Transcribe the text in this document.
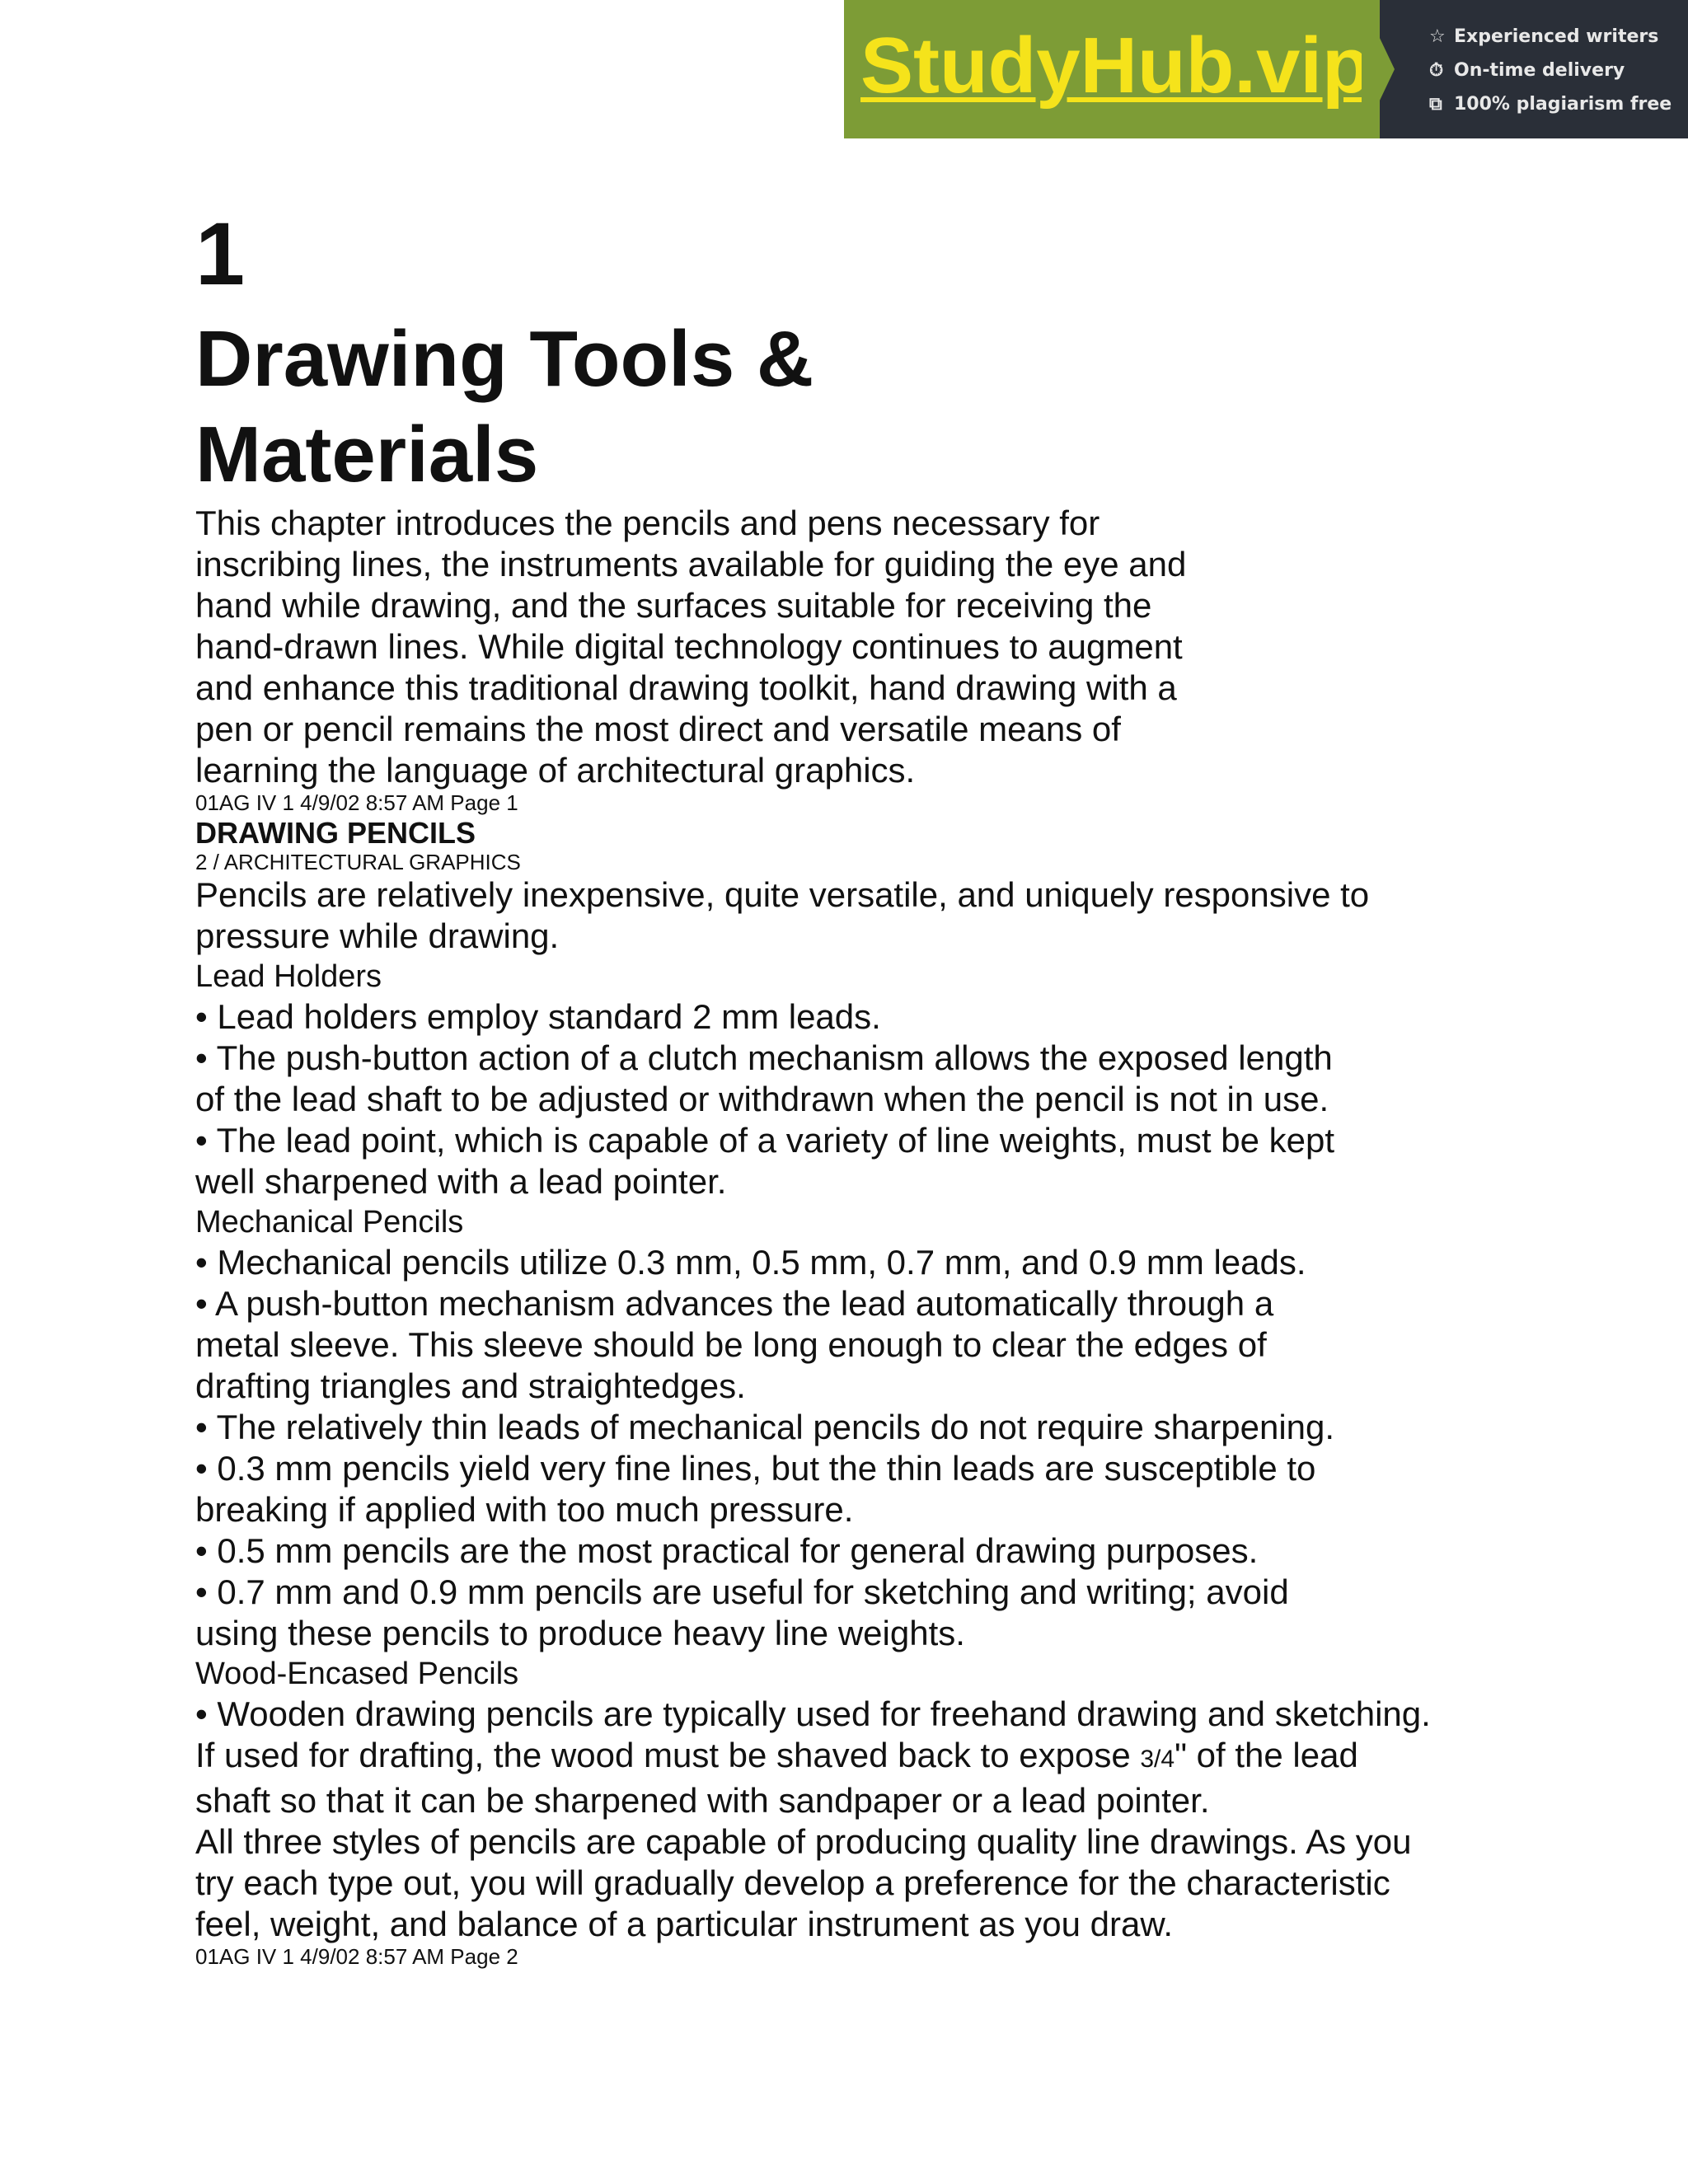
StudyHub.vip	☆ Experienced writers
⏱ On-time delivery
⧉ 100% plagiarism free

1

Drawing Tools &

Materials

This chapter introduces the pencils and pens necessary for

inscribing lines, the instruments available for guiding the eye and

hand while drawing, and the surfaces suitable for receiving the

hand-drawn lines. While digital technology continues to augment

and enhance this traditional drawing toolkit, hand drawing with a

pen or pencil remains the most direct and versatile means of

learning the language of architectural graphics.

01AG IV 1 4/9/02 8:57 AM Page 1

DRAWING PENCILS

2 / ARCHITECTURAL GRAPHICS

Pencils are relatively inexpensive, quite versatile, and uniquely responsive to

pressure while drawing.

Lead Holders

• Lead holders employ standard 2 mm leads.

• The push-button action of a clutch mechanism allows the exposed length

of the lead shaft to be adjusted or withdrawn when the pencil is not in use.

• The lead point, which is capable of a variety of line weights, must be kept

well sharpened with a lead pointer.

Mechanical Pencils

• Mechanical pencils utilize 0.3 mm, 0.5 mm, 0.7 mm, and 0.9 mm leads.

• A push-button mechanism advances the lead automatically through a

metal sleeve. This sleeve should be long enough to clear the edges of

drafting triangles and straightedges.

• The relatively thin leads of mechanical pencils do not require sharpening.

• 0.3 mm pencils yield very fine lines, but the thin leads are susceptible to

breaking if applied with too much pressure.

• 0.5 mm pencils are the most practical for general drawing purposes.

• 0.7 mm and 0.9 mm pencils are useful for sketching and writing; avoid

using these pencils to produce heavy line weights.

Wood-Encased Pencils

• Wooden drawing pencils are typically used for freehand drawing and sketching.

If used for drafting, the wood must be shaved back to expose 3/4" of the lead

shaft so that it can be sharpened with sandpaper or a lead pointer.

All three styles of pencils are capable of producing quality line drawings. As you

try each type out, you will gradually develop a preference for the characteristic

feel, weight, and balance of a particular instrument as you draw.

01AG IV 1 4/9/02 8:57 AM Page 2
